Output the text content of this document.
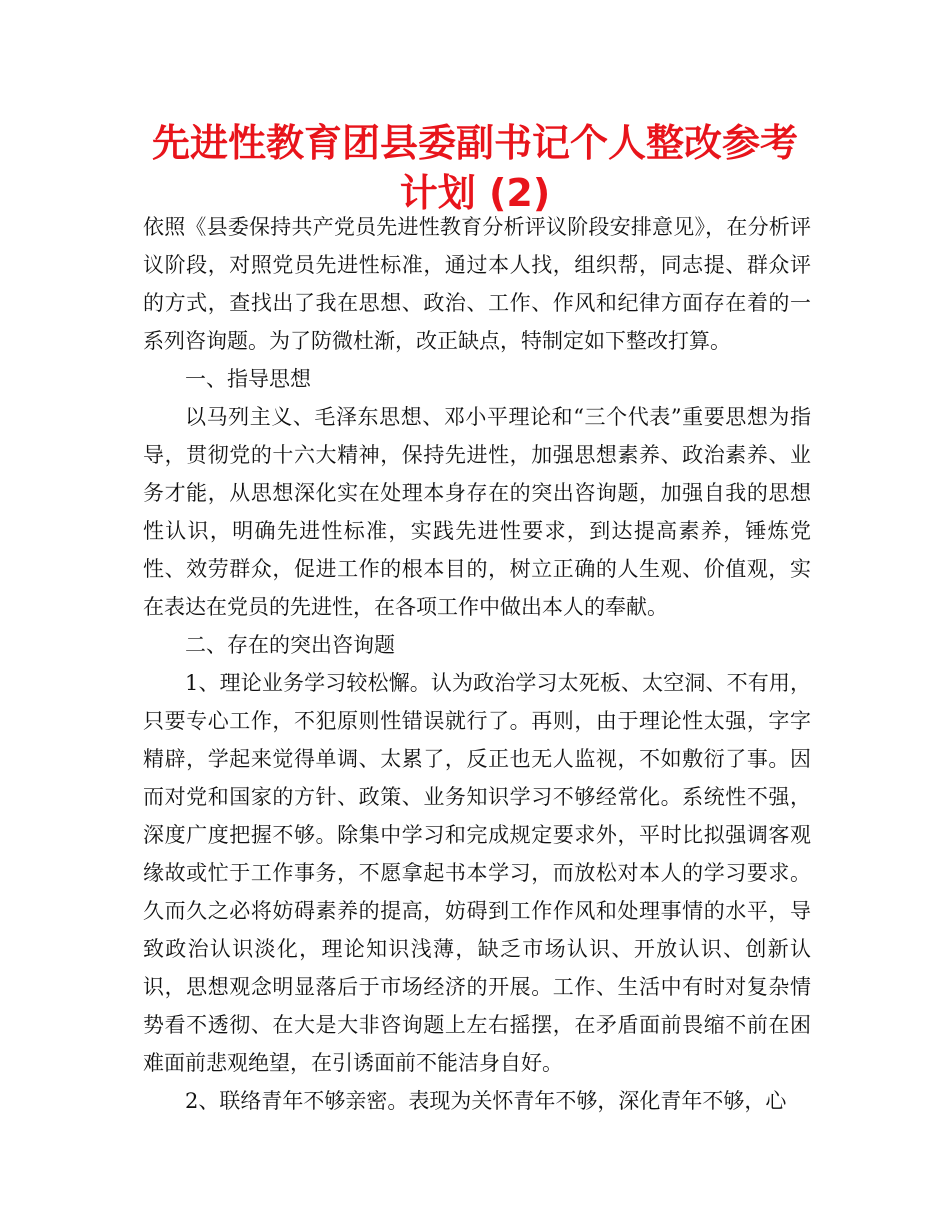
先进性教育团县委副书记个人整改参考计划 (2)

依照《县委保持共产党员先进性教育分析评议阶段安排意见》，在分析评议阶段，对照党员先进性标准，通过本人找，组织帮，同志提、群众评的方式，查找出了我在思想、政治、工作、作风和纪律方面存在着的一系列咨询题。为了防微杜渐，改正缺点，特制定如下整改打算。

一、指导思想

以马列主义、毛泽东思想、邓小平理论和“三个代表”重要思想为指导，贯彻党的十六大精神，保持先进性，加强思想素养、政治素养、业务才能，从思想深化实在处理本身存在的突出咨询题，加强自我的思想性认识，明确先进性标准，实践先进性要求，到达提高素养，锤炼党性、效劳群众，促进工作的根本目的，树立正确的人生观、价值观，实在表达在党员的先进性，在各项工作中做出本人的奉献。

二、存在的突出咨询题

1、理论业务学习较松懈。认为政治学习太死板、太空洞、不有用，只要专心工作，不犯原则性错误就行了。再则，由于理论性太强，字字精辟，学起来觉得单调、太累了，反正也无人监视，不如敷衍了事。因而对党和国家的方针、政策、业务知识学习不够经常化。系统性不强，深度广度把握不够。除集中学习和完成规定要求外，平时比拟强调客观缘故或忙于工作事务，不愿拿起书本学习，而放松对本人的学习要求。久而久之必将妨碍素养的提高，妨碍到工作作风和处理事情的水平，导致政治认识淡化，理论知识浅薄，缺乏市场认识、开放认识、创新认识，思想观念明显落后于市场经济的开展。工作、生活中有时对复杂情势看不透彻、在大是大非咨询题上左右摇摆，在矛盾面前畏缩不前在困难面前悲观绝望，在引诱面前不能洁身自好。

2、联络青年不够亲密。表现为关怀青年不够，深化青年不够，心
